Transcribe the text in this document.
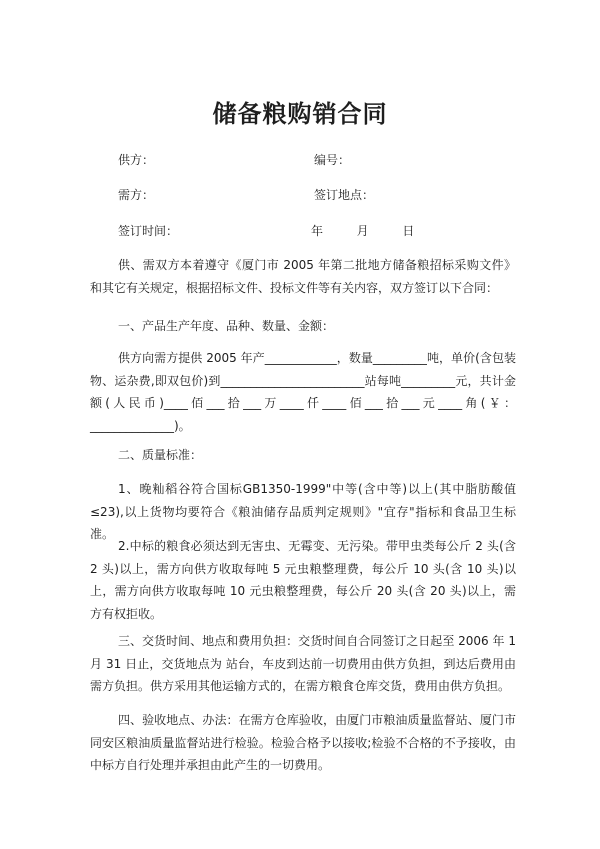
储备粮购销合同
供方：	编号：
需方：	签订地点：
签订时间：	年	月	日

供、需双方本着遵守《厦门市 2005 年第二批地方储备粮招标采购文件》和其它有关规定，根据招标文件、投标文件等有关内容，双方签订以下合同：

一、产品生产年度、品种、数量、金额：

供方向需方提供 2005 年产____________，数量_________吨，单价(含包装物、运杂费,即双包价)到________________________站每吨_________元，共计金额(人民币)____佰___拾___万____仟____佰___拾___元____角(￥：______________)。

二、质量标准：

1、晚籼稻谷符合国标GB1350-1999"中等(含中等)以上(其中脂肪酸值≤23),以上货物均要符合《粮油储存品质判定规则》"宜存"指标和食品卫生标准。

2.中标的粮食必须达到无害虫、无霉变、无污染。带甲虫类每公斤 2 头(含 2 头)以上，需方向供方收取每吨 5 元虫粮整理费，每公斤 10 头(含 10 头)以上，需方向供方收取每吨 10 元虫粮整理费，每公斤 20 头(含 20 头)以上，需方有权拒收。

三、交货时间、地点和费用负担：交货时间自合同签订之日起至 2006 年 1 月 31 日止，交货地点为 站台，车皮到达前一切费用由供方负担，到达后费用由需方负担。供方采用其他运输方式的，在需方粮食仓库交货，费用由供方负担。

四、验收地点、办法：在需方仓库验收，由厦门市粮油质量监督站、厦门市同安区粮油质量监督站进行检验。检验合格予以接收;检验不合格的不予接收，由中标方自行处理并承担由此产生的一切费用。
